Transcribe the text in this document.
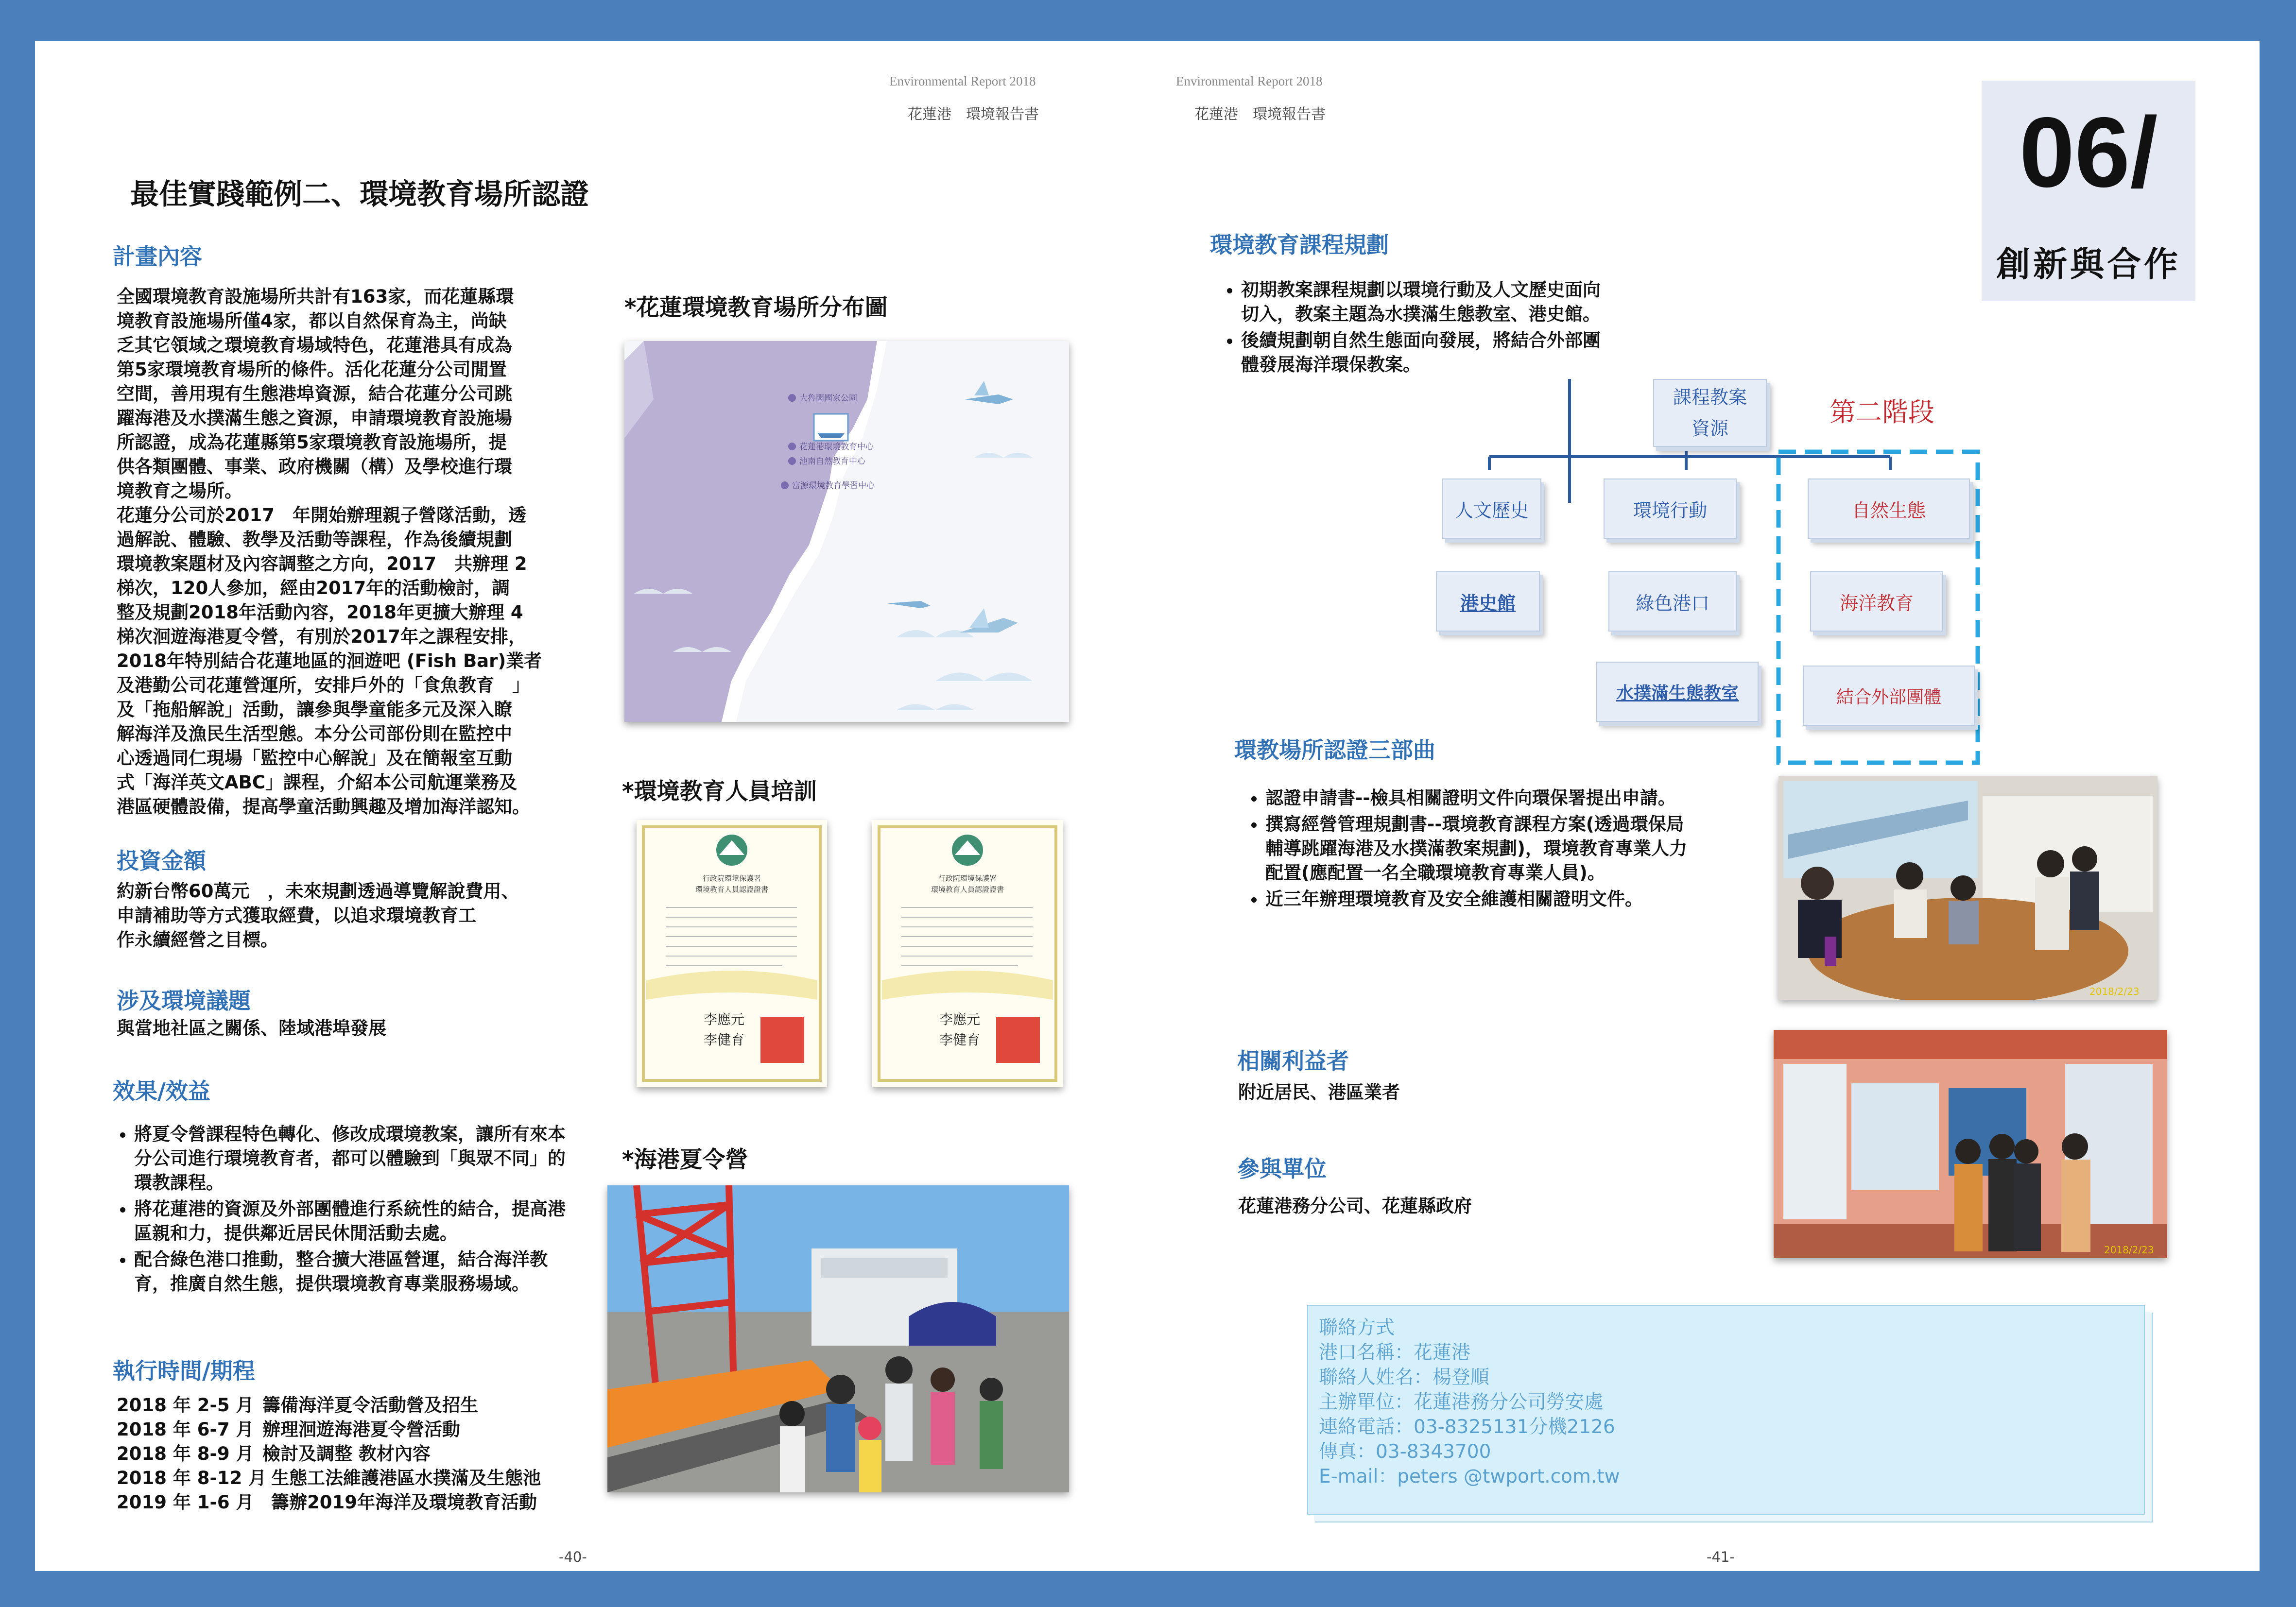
Environmental Report 2018
花蓮港　環境報告書
Environmental Report 2018
花蓮港　環境報告書	06/
創新與合作
最佳實踐範例二、環境教育場所認證
計畫內容
全國環境教育設施場所共計有163家，而花蓮縣環
境教育設施場所僅4家，都以自然保育為主，尚缺
乏其它領域之環境教育場域特色，花蓮港具有成為
第5家環境教育場所的條件。活化花蓮分公司閒置
空間，善用現有生態港埠資源，結合花蓮分公司跳
躍海港及水撲滿生態之資源，申請環境教育設施場
所認證，成為花蓮縣第5家環境教育設施場所，提
供各類團體、事業、政府機關（構）及學校進行環
境教育之場所。
花蓮分公司於2017　年開始辦理親子營隊活動，透
過解說、體驗、教學及活動等課程，作為後續規劃
環境教案題材及內容調整之方向，2017　共辦理 2
梯次，120人參加，經由2017年的活動檢討，調
整及規劃2018年活動內容，2018年更擴大辦理 4
梯次洄遊海港夏令營，有別於2017年之課程安排，
2018年特別結合花蓮地區的洄遊吧 (Fish Bar)業者
及港勤公司花蓮營運所，安排戶外的「食魚教育　」
及「拖船解說」活動，讓參與學童能多元及深入瞭
解海洋及漁民生活型態。本分公司部份則在監控中
心透過同仁現場「監控中心解說」及在簡報室互動
式「海洋英文ABC」課程，介紹本公司航運業務及
港區硬體設備，提高學童活動興趣及增加海洋認知。
投資金額
約新台幣60萬元　，未來規劃透過導覽解說費用、
申請補助等方式獲取經費，以追求環境教育工
作永續經營之目標。
涉及環境議題
與當地社區之關係、陸域港埠發展
效果/效益
• 將夏令營課程特色轉化、修改成環境教案，讓所有來本分公司進行環境教育者，都可以體驗到「與眾不同」的環教課程。
• 將花蓮港的資源及外部團體進行系統性的結合，提高港區親和力，提供鄰近居民休閒活動去處。
• 配合綠色港口推動，整合擴大港區營運，結合海洋教育，推廣自然生態，提供環境教育專業服務場域。
執行時間/期程
2018 年 2-5 月 籌備海洋夏令活動營及招生
2018 年 6-7 月 辦理洄遊海港夏令營活動
2018 年 8-9 月 檢討及調整 教材內容
2018 年 8-12 月 生態工法維護港區水撲滿及生態池
2019 年 1-6 月 籌辦2019年海洋及環境教育活動
*花蓮環境教育場所分布圖
*環境教育人員培訓
*海港夏令營
大魯閣國家公園
花蓮港環境教育中心
池南自然教育中心
富源環境教育學習中心
行政院環境保護署
環境教育人員認證證書
李應元
李健育
行政院環境保護署
環境教育人員認證證書
李應元
李健育
-40-
環境教育課程規劃
• 初期教案課程規劃以環境行動及人文歷史面向切入，教案主題為水撲滿生態教室、港史館。
• 後續規劃朝自然生態面向發展，將結合外部團體發展海洋環保教案。
課程教案資源
第二階段
人文歷史	環境行動	自然生態
港史館	綠色港口	海洋教育
水撲滿生態教室	結合外部團體
環教場所認證三部曲
• 認證申請書--檢具相關證明文件向環保署提出申請。
• 撰寫經營管理規劃書--環境教育課程方案(透過環保局輔導跳躍海港及水撲滿教案規劃)，環境教育專業人力配置(應配置一名全職環境教育專業人員)。
• 近三年辦理環境教育及安全維護相關證明文件。
2018/2/23
相關利益者
附近居民、港區業者
參與單位
花蓮港務分公司、花蓮縣政府
2018/2/23
聯絡方式
港口名稱：花蓮港
聯絡人姓名：楊登順
主辦單位：花蓮港務分公司勞安處
連絡電話：03-8325131分機2126
傳真：03-8343700
E-mail：peters @twport.com.tw
-41-
